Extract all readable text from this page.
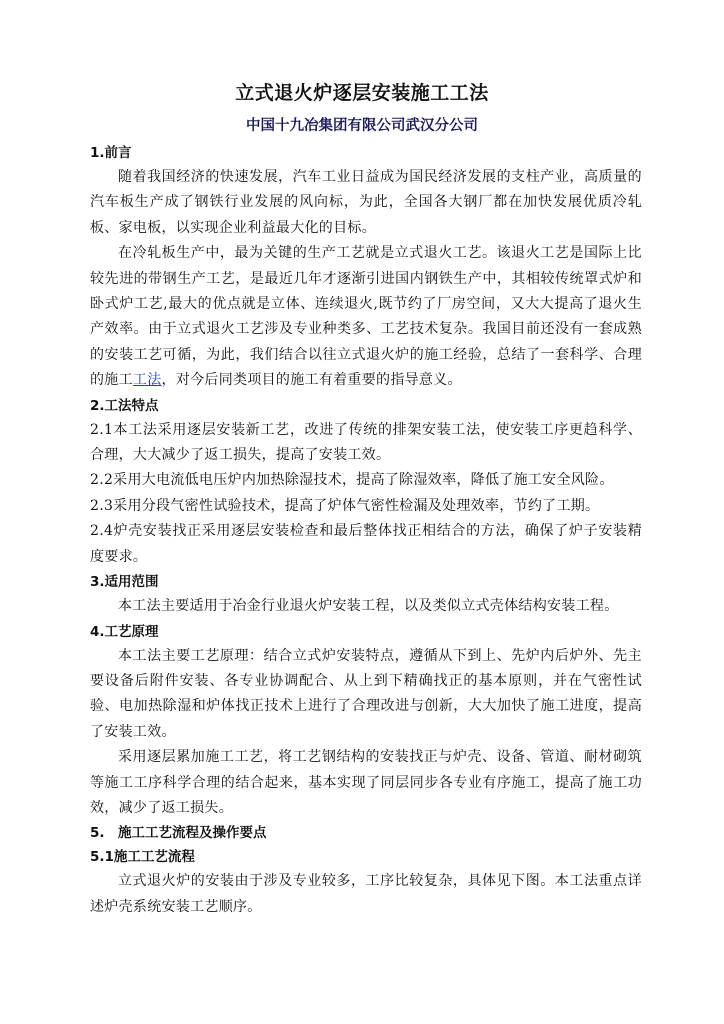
立式退火炉逐层安装施工工法
中国十九冶集团有限公司武汉分公司
1.前言
随着我国经济的快速发展，汽车工业日益成为国民经济发展的支柱产业，高质量的汽车板生产成了钢铁行业发展的风向标，为此，全国各大钢厂都在加快发展优质冷轧板、家电板，以实现企业利益最大化的目标。
在冷轧板生产中，最为关键的生产工艺就是立式退火工艺。该退火工艺是国际上比较先进的带钢生产工艺，是最近几年才逐渐引进国内钢铁生产中，其相较传统罩式炉和卧式炉工艺,最大的优点就是立体、连续退火,既节约了厂房空间，又大大提高了退火生产效率。由于立式退火工艺涉及专业种类多、工艺技术复杂。我国目前还没有一套成熟的安装工艺可循，为此，我们结合以往立式退火炉的施工经验，总结了一套科学、合理的施工工法，对今后同类项目的施工有着重要的指导意义。
2.工法特点
2.1本工法采用逐层安装新工艺，改进了传统的排架安装工法，使安装工序更趋科学、合理，大大减少了返工损失，提高了安装工效。
2.2采用大电流低电压炉内加热除湿技术，提高了除湿效率，降低了施工安全风险。
2.3采用分段气密性试验技术，提高了炉体气密性检漏及处理效率，节约了工期。
2.4炉壳安装找正采用逐层安装检查和最后整体找正相结合的方法，确保了炉子安装精度要求。
3.适用范围
本工法主要适用于冶金行业退火炉安装工程，以及类似立式壳体结构安装工程。
4.工艺原理
本工法主要工艺原理：结合立式炉安装特点，遵循从下到上、先炉内后炉外、先主要设备后附件安装、各专业协调配合、从上到下精确找正的基本原则，并在气密性试验、电加热除湿和炉体找正技术上进行了合理改进与创新，大大加快了施工进度，提高了安装工效。
采用逐层累加施工工艺，将工艺钢结构的安装找正与炉壳、设备、管道、耐材砌筑等施工工序科学合理的结合起来，基本实现了同层同步各专业有序施工，提高了施工功效，减少了返工损失。
5.　施工工艺流程及操作要点
5.1施工工艺流程
立式退火炉的安装由于涉及专业较多，工序比较复杂，具体见下图。本工法重点详述炉壳系统安装工艺顺序。
